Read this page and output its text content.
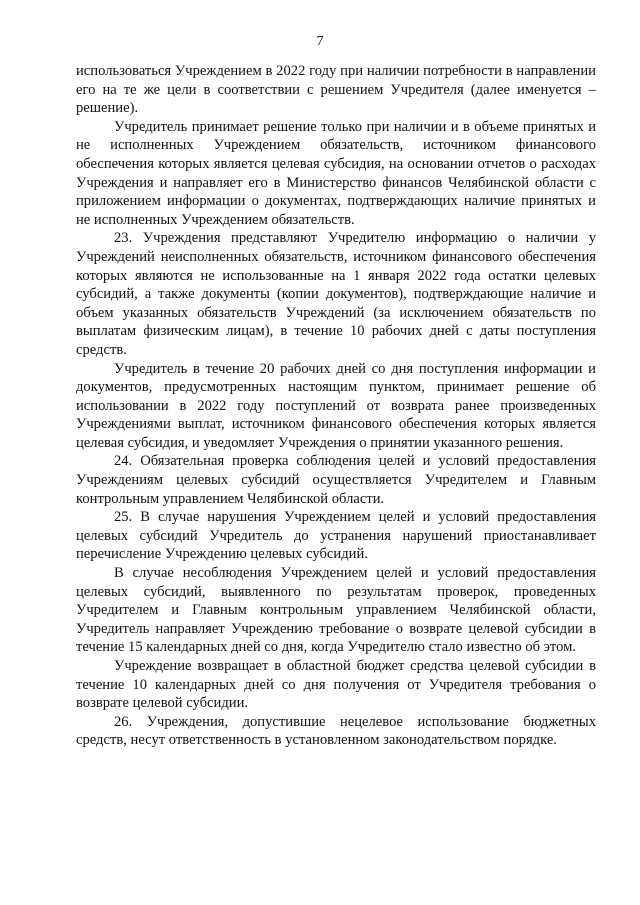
7

использоваться Учреждением в 2022 году при наличии потребности в направлении его на те же цели в соответствии с решением Учредителя (далее именуется – решение).

Учредитель принимает решение только при наличии и в объеме принятых и не исполненных Учреждением обязательств, источником финансового обеспечения которых является целевая субсидия, на основании отчетов о расходах Учреждения и направляет его в Министерство финансов Челябинской области с приложением информации о документах, подтверждающих наличие принятых и не исполненных Учреждением обязательств.

23. Учреждения представляют Учредителю информацию о наличии у Учреждений неисполненных обязательств, источником финансового обеспечения которых являются не использованные на 1 января 2022 года остатки целевых субсидий, а также документы (копии документов), подтверждающие наличие и объем указанных обязательств Учреждений (за исключением обязательств по выплатам физическим лицам), в течение 10 рабочих дней с даты поступления средств.

Учредитель в течение 20 рабочих дней со дня поступления информации и документов, предусмотренных настоящим пунктом, принимает решение об использовании в 2022 году поступлений от возврата ранее произведенных Учреждениями выплат, источником финансового обеспечения которых является целевая субсидия, и уведомляет Учреждения о принятии указанного решения.

24. Обязательная проверка соблюдения целей и условий предоставления Учреждениям целевых субсидий осуществляется Учредителем и Главным контрольным управлением Челябинской области.

25. В случае нарушения Учреждением целей и условий предоставления целевых субсидий Учредитель до устранения нарушений приостанавливает перечисление Учреждению целевых субсидий.

В случае несоблюдения Учреждением целей и условий предоставления целевых субсидий, выявленного по результатам проверок, проведенных Учредителем и Главным контрольным управлением Челябинской области, Учредитель направляет Учреждению требование о возврате целевой субсидии в течение 15 календарных дней со дня, когда Учредителю стало известно об этом.

Учреждение возвращает в областной бюджет средства целевой субсидии в течение 10 календарных дней со дня получения от Учредителя требования о возврате целевой субсидии.

26. Учреждения, допустившие нецелевое использование бюджетных средств, несут ответственность в установленном законодательством порядке.
